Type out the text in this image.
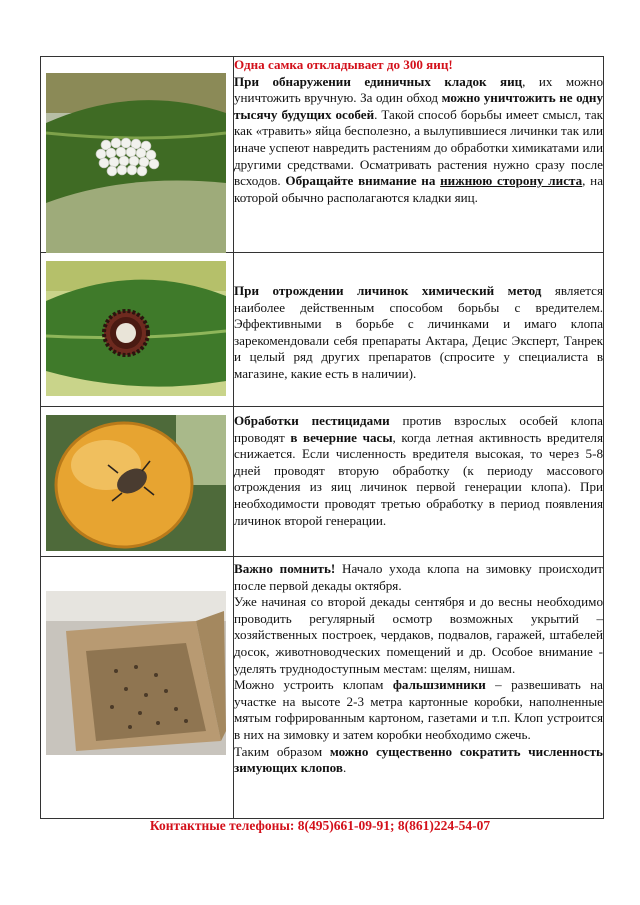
Одна самка откладывает до 300 яиц!

При обнаружении единичных кладок яиц, их можно уничтожить вручную. За один обход можно уничтожить не одну тысячу будущих особей. Такой способ борьбы имеет смысл, так как «травить» яйца бесполезно, а вылупившиеся личинки так или иначе успеют навредить растениям до обработки химикатами или другими средствами. Осматривать растения нужно сразу после всходов. Обращайте внимание на нижнюю сторону листа, на которой обычно располагаются кладки яиц.

При отрождении личинок химический метод является наиболее действенным способом борьбы с вредителем. Эффективными в борьбе с личинками и имаго клопа зарекомендовали себя препараты Актара, Децис Эксперт, Танрек и целый ряд других препаратов (спросите у специалиста в магазине, какие есть в наличии).

Обработки пестицидами против взрослых особей клопа проводят в вечерние часы, когда летная активность вредителя снижается. Если численность вредителя высокая, то через 5-8 дней проводят вторую обработку (к периоду массового отрождения из яиц личинок первой генерации клопа). При необходимости проводят третью обработку в период появления личинок второй генерации.

Важно помнить! Начало ухода клопа на зимовку происходит после первой декады октября.

Уже начиная со второй декады сентября и до весны необходимо проводить регулярный осмотр возможных укрытий – хозяйственных построек, чердаков, подвалов, гаражей, штабелей досок, животноводческих помещений и др. Особое внимание - уделять труднодоступным местам: щелям, нишам.

Можно устроить клопам фальшзимники – развешивать на участке на высоте 2-3 метра картонные коробки, наполненные мятым гофрированным картоном, газетами и т.п. Клоп устроится в них на зимовку и затем коробки необходимо сжечь.

Таким образом можно существенно сократить численность зимующих клопов.

Контактные телефоны: 8(495)661-09-91; 8(861)224-54-07
